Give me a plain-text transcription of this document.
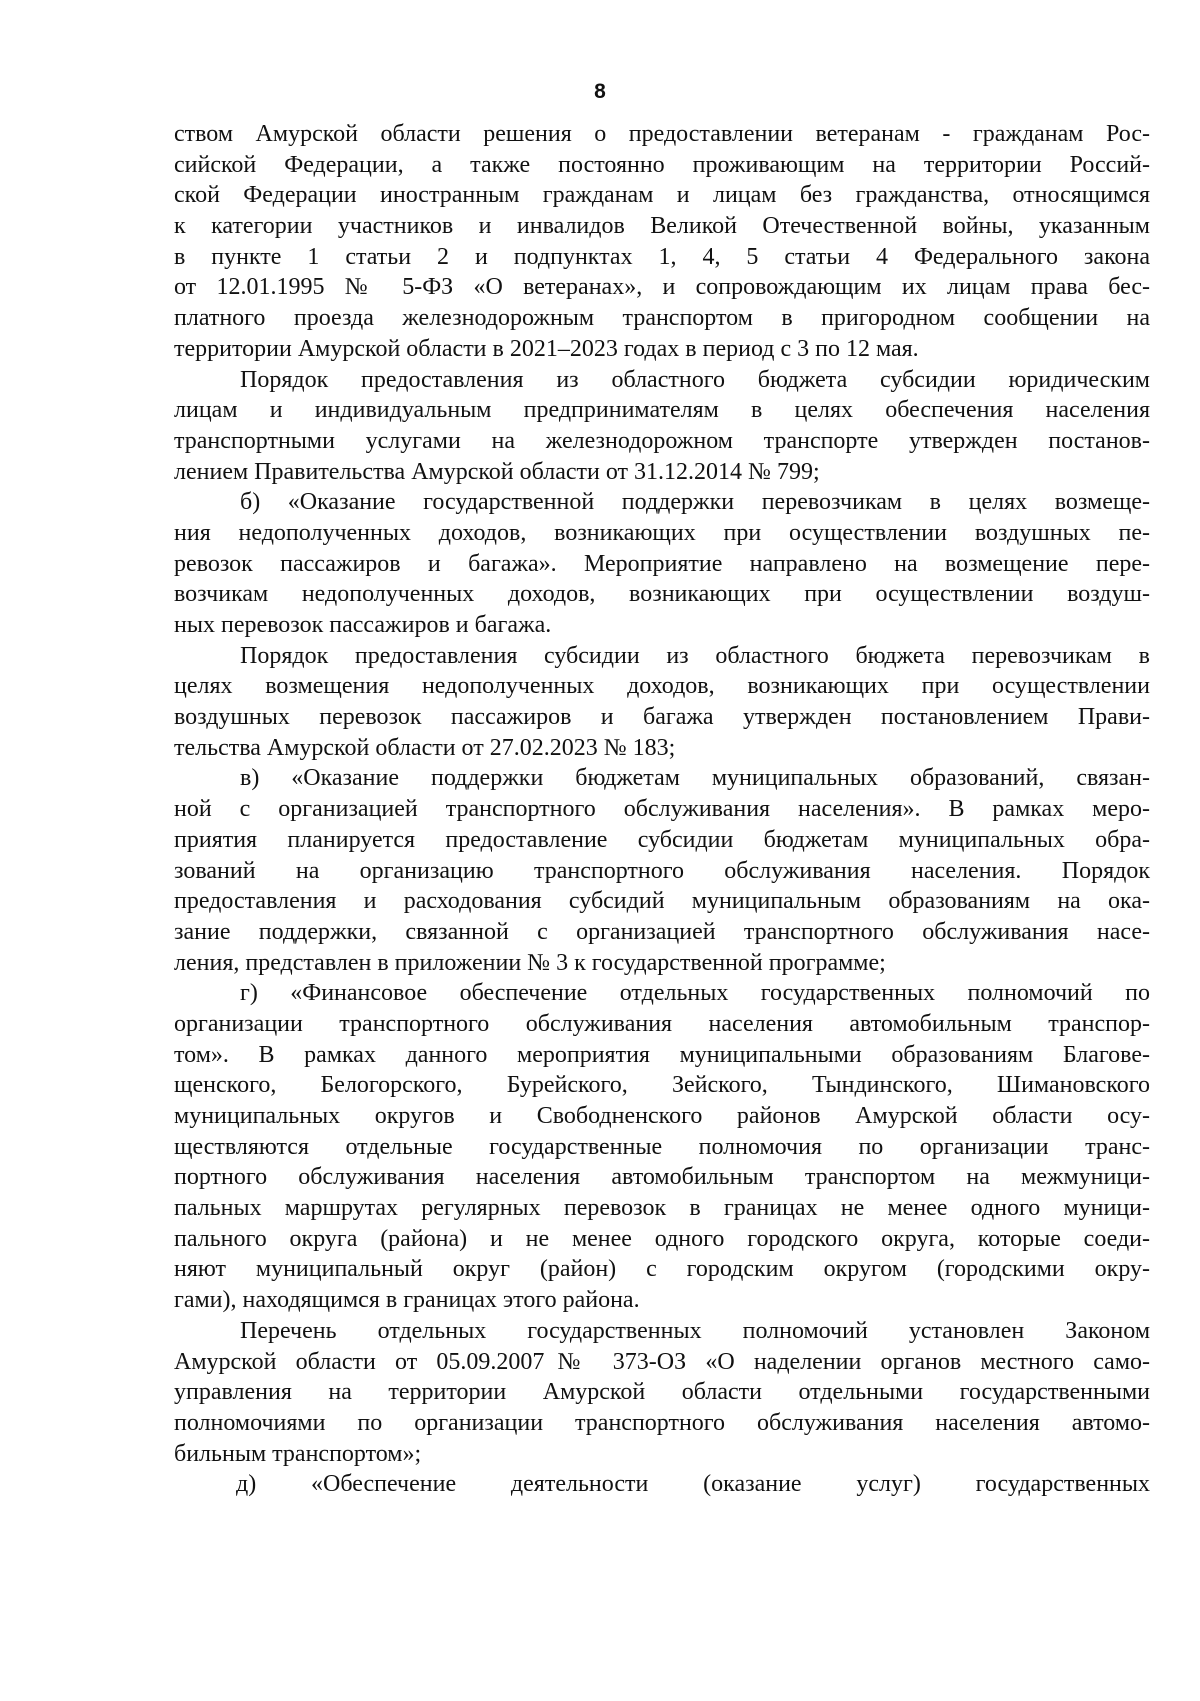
8
ством Амурской области решения о предоставлении ветеранам - гражданам Рос-
сийской Федерации, а также постоянно проживающим на территории Россий-
ской Федерации иностранным гражданам и лицам без гражданства, относящимся
к категории участников и инвалидов Великой Отечественной войны, указанным
в пункте 1 статьи 2 и подпунктах 1, 4, 5 статьи 4 Федерального закона
от 12.01.1995 № 5-ФЗ «О ветеранах», и сопровождающим их лицам права бес-
платного проезда железнодорожным транспортом в пригородном сообщении на
территории Амурской области в 2021–2023 годах в период с 3 по 12 мая.
Порядок предоставления из областного бюджета субсидии юридическим
лицам и индивидуальным предпринимателям в целях обеспечения населения
транспортными услугами на железнодорожном транспорте утвержден постанов-
лением Правительства Амурской области от 31.12.2014 № 799;
б) «Оказание государственной поддержки перевозчикам в целях возмеще-
ния недополученных доходов, возникающих при осуществлении воздушных пе-
ревозок пассажиров и багажа». Мероприятие направлено на возмещение пере-
возчикам недополученных доходов, возникающих при осуществлении воздуш-
ных перевозок пассажиров и багажа.
Порядок предоставления субсидии из областного бюджета перевозчикам в
целях возмещения недополученных доходов, возникающих при осуществлении
воздушных перевозок пассажиров и багажа утвержден постановлением Прави-
тельства Амурской области от 27.02.2023 № 183;
в) «Оказание поддержки бюджетам муниципальных образований, связан-
ной с организацией транспортного обслуживания населения». В рамках меро-
приятия планируется предоставление субсидии бюджетам муниципальных обра-
зований на организацию транспортного обслуживания населения. Порядок
предоставления и расходования субсидий муниципальным образованиям на ока-
зание поддержки, связанной с организацией транспортного обслуживания насе-
ления, представлен в приложении № 3 к государственной программе;
г) «Финансовое обеспечение отдельных государственных полномочий по
организации транспортного обслуживания населения автомобильным транспор-
том». В рамках данного мероприятия муниципальными образованиям Благове-
щенского, Белогорского, Бурейского, Зейского, Тындинского, Шимановского
муниципальных округов и Свободненского районов Амурской области осу-
ществляются отдельные государственные полномочия по организации транс-
портного обслуживания населения автомобильным транспортом на межмуници-
пальных маршрутах регулярных перевозок в границах не менее одного муници-
пального округа (района) и не менее одного городского округа, которые соеди-
няют муниципальный округ (район) с городским округом (городскими окру-
гами), находящимся в границах этого района.
Перечень отдельных государственных полномочий установлен Законом
Амурской области от 05.09.2007№ 373-ОЗ «О наделении органов местного само-
управления на территории Амурской области отдельными государственными
полномочиями по организации транспортного обслуживания населения автомо-
бильным транспортом»;
д) «Обеспечение деятельности (оказание услуг) государственных
